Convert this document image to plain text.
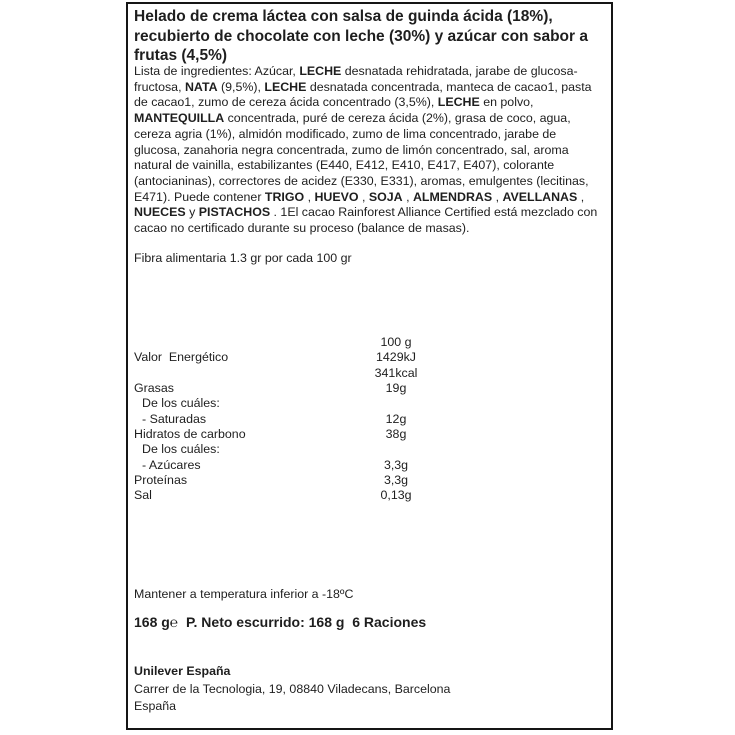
Helado de crema láctea con salsa de guinda ácida (18%),
recubierto de chocolate con leche (30%) y azúcar con sabor a
frutas (4,5%)
Lista de ingredientes: Azúcar, LECHE desnatada rehidratada, jarabe de glucosa-fructosa, NATA (9,5%), LECHE desnatada concentrada, manteca de cacao1, pasta de cacao1, zumo de cereza ácida concentrado (3,5%), LECHE en polvo, MANTEQUILLA concentrada, puré de cereza ácida (2%), grasa de coco, agua, cereza agria (1%), almidón modificado, zumo de lima concentrado, jarabe de glucosa, zanahoria negra concentrada, zumo de limón concentrado, sal, aroma natural de vainilla, estabilizantes (E440, E412, E410, E417, E407), colorante (antocianinas), correctores de acidez (E330, E331), aromas, emulgentes (lecitinas, E471). Puede contener TRIGO , HUEVO , SOJA , ALMENDRAS , AVELLANAS , NUECES y PISTACHOS . 1El cacao Rainforest Alliance Certified está mezclado con cacao no certificado durante su proceso (balance de masas).
Fibra alimentaria 1.3 gr por cada 100 gr
100 g
Valor  Energético	1429kJ
341kcal
Grasas	19g
De los cuáles:
- Saturadas	12g
Hidratos de carbono	38g
De los cuáles:
- Azúcares	3,3g
Proteínas	3,3g
Sal	0,13g
Mantener a temperatura inferior a -18ºC
168 g℮  P. Neto escurrido: 168 g  6 Raciones
Unilever España
Carrer de la Tecnologia, 19, 08840 Viladecans, Barcelona
España
